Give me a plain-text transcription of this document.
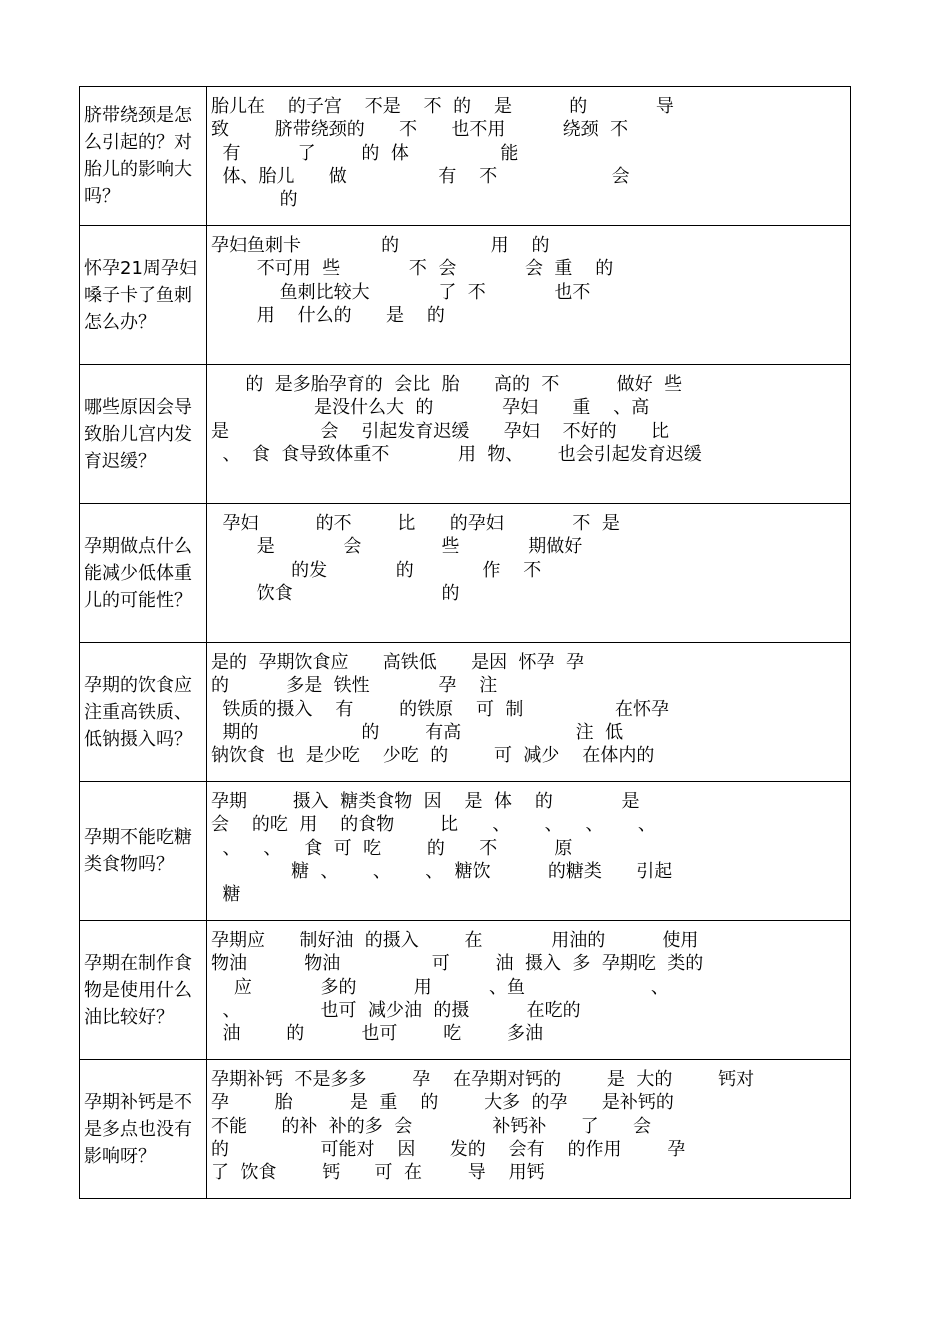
脐带绕颈是怎么引起的？对胎儿的影响大吗？	胎儿在    的子宫    不是    不  的    是          的            导
致        脐带绕颈的      不      也不用          绕颈  不
有          了        的  体                能
体、胎儿      做                有    不                    会
的

怀孕21周孕妇嗓子卡了鱼刺怎么办？	孕妇鱼刺卡              的                用    的
不可用  些            不  会            会  重    的
鱼刺比较大            了  不            也不
用    什么的      是    的

哪些原因会导致胎儿宫内发育迟缓？	的  是多胎孕育的  会比  胎      高的  不          做好  些
是没什么大  的            孕妇      重    、高
是                会    引起发育迟缓      孕妇    不好的      比
、  食  食导致体重不            用  物、      也会引起发育迟缓

孕期做点什么能减少低体重儿的可能性？	孕妇          的不        比      的孕妇            不  是
是            会              些            期做好
的发            的            作    不
饮食                          的

孕期的饮食应注重高铁质、低钠摄入吗？	是的  孕期饮食应      高铁低      是因  怀孕  孕
的          多是  铁性            孕    注
铁质的摄入    有        的铁原    可  制                在怀孕
期的                  的        有高                    注  低
钠饮食  也  是少吃    少吃  的        可  减少    在体内的

孕期不能吃糖类食物吗？	孕期        摄入  糖类食物  因    是  体    的            是
会    的吃  用    的食物        比      、      、    、      、
、    、    食  可  吃        的      不          原
糖  、      、      、  糖饮          的糖类      引起
糖

孕期在制作食物是使用什么油比较好？	孕期应      制好油  的摄入        在            用油的          使用
物油          物油                可        油  摄入  多  孕期吃  类的
应            多的          用          、鱼                      、
、              也可  减少油  的摄          在吃的
油        的          也可        吃        多油

孕期补钙是不是多点也没有影响呀？	孕期补钙  不是多多        孕    在孕期对钙的        是  大的        钙对
孕        胎          是  重    的        大多  的孕      是补钙的
不能      的补  补的多  会              补钙补      了      会
的                可能对    因      发的    会有    的作用        孕
了  饮食        钙      可  在        导    用钙
